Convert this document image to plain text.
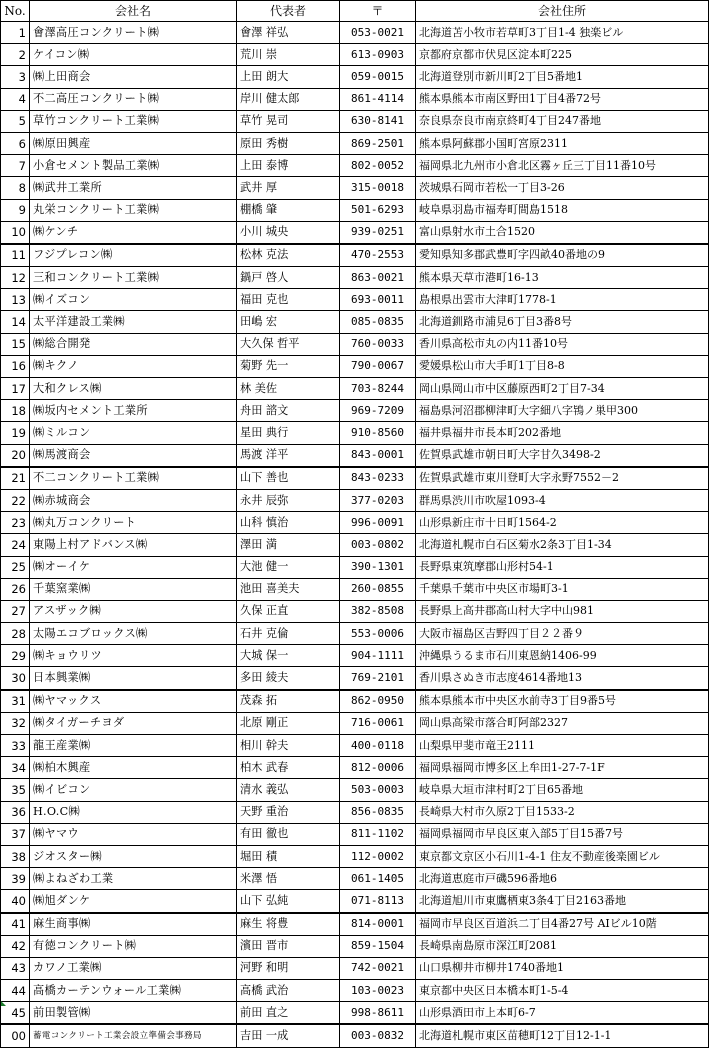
No.	会社名	代表者	〒	会社住所
1	會澤高圧コンクリート㈱	會澤 祥弘	053-0021	北海道苫小牧市若草町3丁目1-4 独楽ビル
2	ケイコン㈱	荒川 崇	613-0903	京都府京都市伏見区淀本町225
3	㈱上田商会	上田 朗大	059-0015	北海道登別市新川町2丁目5番地1
4	不二高圧コンクリート㈱	岸川 健太郎	861-4114	熊本県熊本市南区野田1丁目4番72号
5	草竹コンクリート工業㈱	草竹 晃司	630-8141	奈良県奈良市南京終町4丁目247番地
6	㈱原田興産	原田 秀樹	869-2501	熊本県阿蘇郡小国町宮原2311
7	小倉セメント製品工業㈱	上田 泰博	802-0052	福岡県北九州市小倉北区霧ヶ丘三丁目11番10号
8	㈱武井工業所	武井 厚	315-0018	茨城県石岡市若松一丁目3-26
9	丸栄コンクリート工業㈱	棚橋 肇	501-6293	岐阜県羽島市福寿町間島1518
10	㈱ケンチ	小川 城央	939-0251	富山県射水市土合1520
11	フジプレコン㈱	松林 克法	470-2553	愛知県知多郡武豊町字四畝40番地の9
12	三和コンクリート工業㈱	鍋戸 啓人	863-0021	熊本県天草市港町16-13
13	㈱イズコン	福田 克也	693-0011	島根県出雲市大津町1778-1
14	太平洋建設工業㈱	田嶋 宏	085-0835	北海道釧路市浦見6丁目3番8号
15	㈱総合開発	大久保 哲平	760-0033	香川県高松市丸の内11番10号
16	㈱キクノ	菊野 先一	790-0067	愛媛県松山市大手町1丁目8-8
17	大和クレス㈱	林 美佐	703-8244	岡山県岡山市中区藤原西町2丁目7-34
18	㈱坂内セメント工業所	舟田 諮文	969-7209	福島県河沼郡柳津町大字細八字鴇ノ巣甲300
19	㈱ミルコン	星田 典行	910-8560	福井県福井市長本町202番地
20	㈱馬渡商会	馬渡 洋平	843-0001	佐賀県武雄市朝日町大字甘久3498-2
21	不二コンクリート工業㈱	山下 善也	843-0233	佐賀県武雄市東川登町大字永野7552－2
22	㈱赤城商会	永井 辰弥	377-0203	群馬県渋川市吹屋1093-4
23	㈱丸万コンクリート	山科 慎治	996-0091	山形県新庄市十日町1564-2
24	東陽上村アドバンス㈱	澤田 満	003-0802	北海道札幌市白石区菊水2条3丁目1-34
25	㈱オーイケ	大池 健一	390-1301	長野県東筑摩郡山形村54-1
26	千葉窯業㈱	池田 喜美夫	260-0855	千葉県千葉市中央区市場町3-1
27	アスザック㈱	久保 正直	382-8508	長野県上高井郡高山村大字中山981
28	太陽エコブロックス㈱	石井 克倫	553-0006	大阪市福島区吉野四丁目２２番９
29	㈱キョウリツ	大城 保一	904-1111	沖縄県うるま市石川東恩納1406-99
30	日本興業㈱	多田 綾夫	769-2101	香川県さぬき市志度4614番地13
31	㈱ヤマックス	茂森 拓	862-0950	熊本県熊本市中央区水前寺3丁目9番5号
32	㈱タイガーチヨダ	北原 剛正	716-0061	岡山県高梁市落合町阿部2327
33	龍王産業㈱	相川 幹夫	400-0118	山梨県甲斐市竜王2111
34	㈱柏木興産	柏木 武春	812-0006	福岡県福岡市博多区上牟田1-27-7-1F
35	㈱イビコン	清水 義弘	503-0003	岐阜県大垣市津村町2丁目65番地
36	H.O.C㈱	天野 重治	856-0835	長崎県大村市久原2丁目1533-2
37	㈱ヤマウ	有田 徹也	811-1102	福岡県福岡市早良区東入部5丁目15番7号
38	ジオスター㈱	堀田 積	112-0002	東京都文京区小石川1-4-1 住友不動産後楽園ビル
39	㈱よねざわ工業	米澤 悟	061-1405	北海道恵庭市戸磯596番地6
40	㈱旭ダンケ	山下 弘純	071-8113	北海道旭川市東鷹栖東3条4丁目2163番地
41	麻生商事㈱	麻生 将豊	814-0001	福岡市早良区百道浜二丁目4番27号 AIビル10階
42	有徳コンクリート㈱	濱田 晋市	859-1504	長崎県南島原市深江町2081
43	カワノ工業㈱	河野 和明	742-0021	山口県柳井市柳井1740番地1
44	高橋カーテンウォール工業㈱	高橋 武治	103-0023	東京都中央区日本橋本町1-5-4
45	前田製管㈱	前田 直之	998-8611	山形県酒田市上本町6-7
00	蓄電コンクリート工業会設立準備会事務局	吉田 一成	003-0832	北海道札幌市東区苗穂町12丁目12-1-1
